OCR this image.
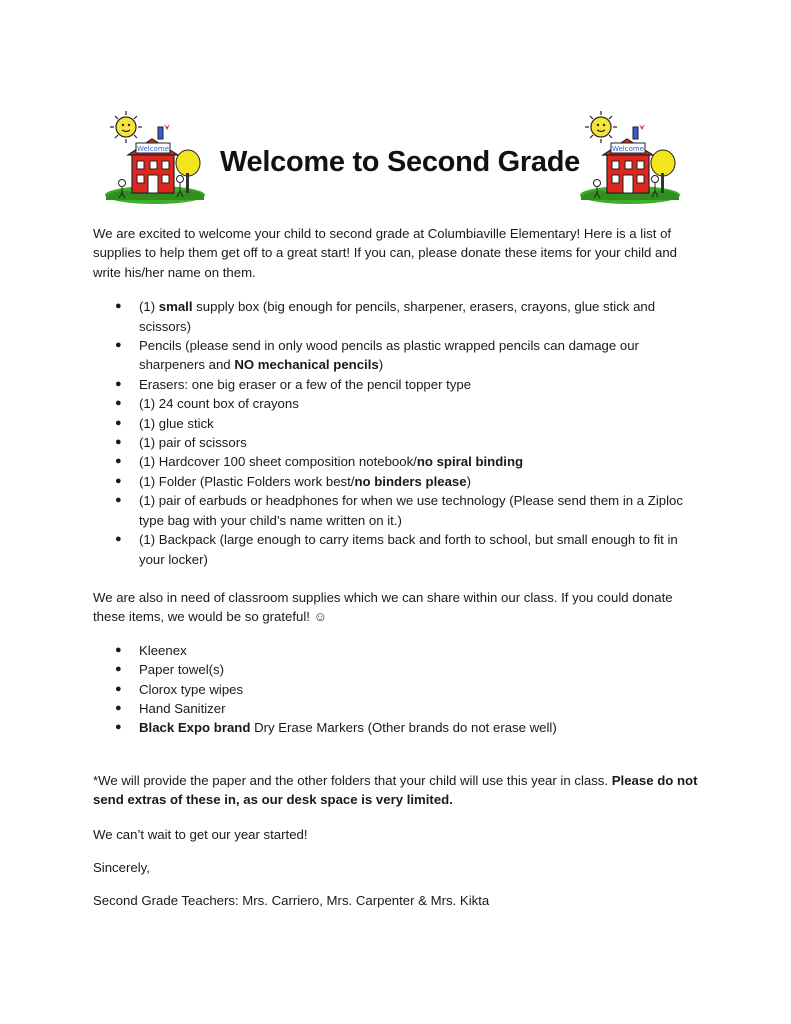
Welcome	Welcome to Second Grade	Welcome

We are excited to welcome your child to second grade at Columbiaville Elementary! Here is a list of supplies to help them get off to a great start! If you can, please donate these items for your child and write his/her name on them.

● (1) small supply box (big enough for pencils, sharpener, erasers, crayons, glue stick and scissors)
● Pencils (please send in only wood pencils as plastic wrapped pencils can damage our sharpeners and NO mechanical pencils)
● Erasers: one big eraser or a few of the pencil topper type
● (1) 24 count box of crayons
● (1) glue stick
● (1) pair of scissors
● (1) Hardcover 100 sheet composition notebook/no spiral binding
● (1) Folder (Plastic Folders work best/no binders please)
● (1) pair of earbuds or headphones for when we use technology (Please send them in a Ziploc type bag with your child’s name written on it.)
● (1) Backpack (large enough to carry items back and forth to school, but small enough to fit in your locker)

We are also in need of classroom supplies which we can share within our class. If you could donate these items, we would be so grateful! ☺

● Kleenex
● Paper towel(s)
● Clorox type wipes
● Hand Sanitizer
● Black Expo brand Dry Erase Markers (Other brands do not erase well)

*We will provide the paper and the other folders that your child will use this year in class. Please do not send extras of these in, as our desk space is very limited.

We can’t wait to get our year started!

Sincerely,

Second Grade Teachers: Mrs. Carriero, Mrs. Carpenter & Mrs. Kikta
